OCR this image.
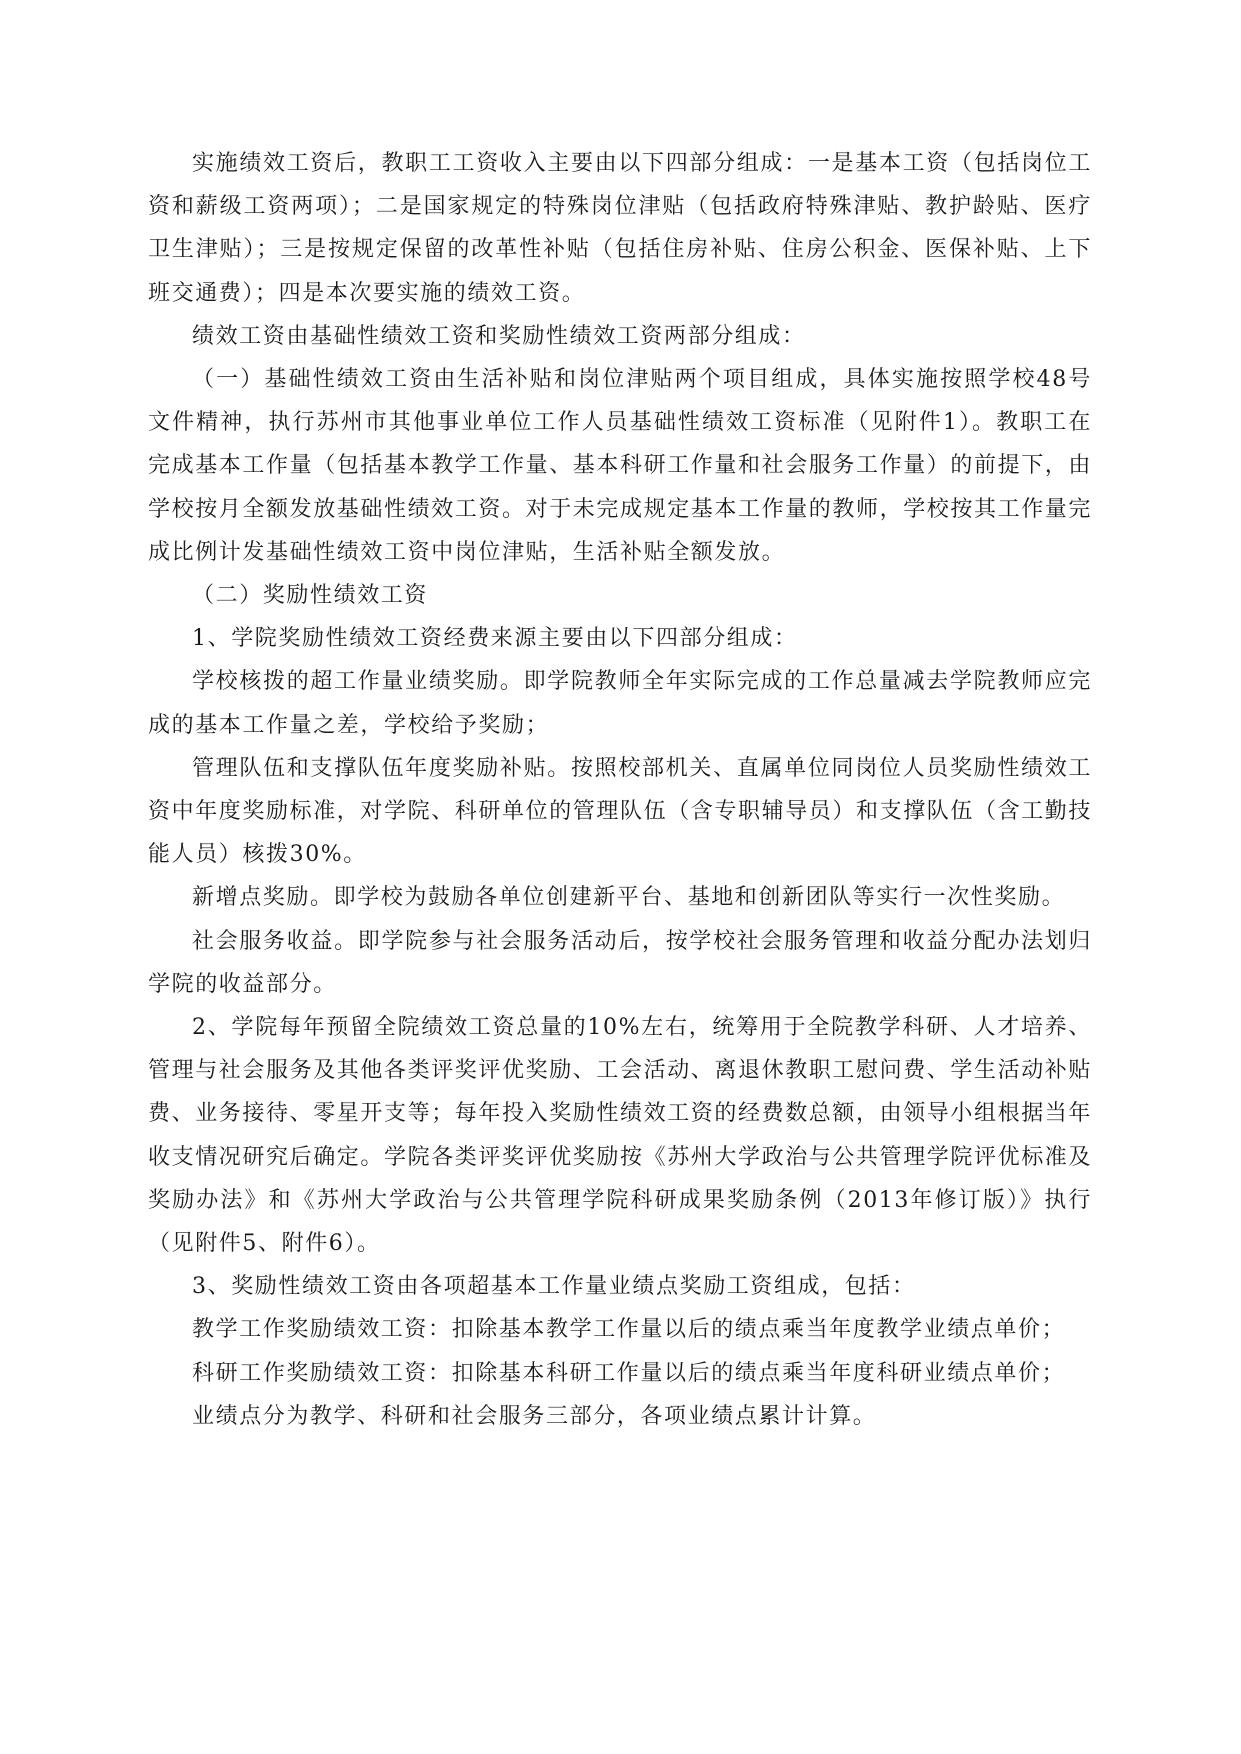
实施绩效工资后，教职工工资收入主要由以下四部分组成：一是基本工资（包括岗位工资和薪级工资两项）；二是国家规定的特殊岗位津贴（包括政府特殊津贴、教护龄贴、医疗卫生津贴）；三是按规定保留的改革性补贴（包括住房补贴、住房公积金、医保补贴、上下班交通费）；四是本次要实施的绩效工资。

绩效工资由基础性绩效工资和奖励性绩效工资两部分组成：

（一）基础性绩效工资由生活补贴和岗位津贴两个项目组成，具体实施按照学校48号文件精神，执行苏州市其他事业单位工作人员基础性绩效工资标准（见附件1）。教职工在完成基本工作量（包括基本教学工作量、基本科研工作量和社会服务工作量）的前提下，由学校按月全额发放基础性绩效工资。对于未完成规定基本工作量的教师，学校按其工作量完成比例计发基础性绩效工资中岗位津贴，生活补贴全额发放。

（二）奖励性绩效工资

1、学院奖励性绩效工资经费来源主要由以下四部分组成：

学校核拨的超工作量业绩奖励。即学院教师全年实际完成的工作总量减去学院教师应完成的基本工作量之差，学校给予奖励；

管理队伍和支撑队伍年度奖励补贴。按照校部机关、直属单位同岗位人员奖励性绩效工资中年度奖励标准，对学院、科研单位的管理队伍（含专职辅导员）和支撑队伍（含工勤技能人员）核拨30%。

新增点奖励。即学校为鼓励各单位创建新平台、基地和创新团队等实行一次性奖励。

社会服务收益。即学院参与社会服务活动后，按学校社会服务管理和收益分配办法划归学院的收益部分。

2、学院每年预留全院绩效工资总量的10%左右，统筹用于全院教学科研、人才培养、管理与社会服务及其他各类评奖评优奖励、工会活动、离退休教职工慰问费、学生活动补贴费、业务接待、零星开支等；每年投入奖励性绩效工资的经费数总额，由领导小组根据当年收支情况研究后确定。学院各类评奖评优奖励按《苏州大学政治与公共管理学院评优标准及奖励办法》和《苏州大学政治与公共管理学院科研成果奖励条例（2013年修订版）》执行（见附件5、附件6）。

3、奖励性绩效工资由各项超基本工作量业绩点奖励工资组成，包括：

教学工作奖励绩效工资：扣除基本教学工作量以后的绩点乘当年度教学业绩点单价；

科研工作奖励绩效工资：扣除基本科研工作量以后的绩点乘当年度科研业绩点单价；

业绩点分为教学、科研和社会服务三部分，各项业绩点累计计算。
